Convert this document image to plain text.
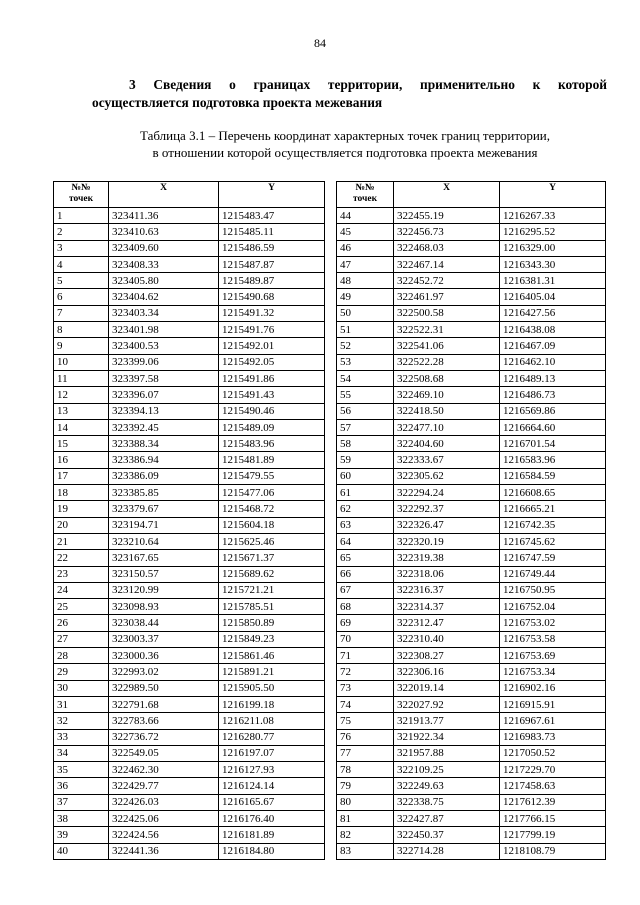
84
3 Сведения о границах территории, применительно к которой
осуществляется подготовка проекта межевания
Таблица 3.1 – Перечень координат характерных точек границ территории,
в отношении которой осуществляется подготовка проекта межевания
№№
точек	X	Y		№№
точек	X	Y
1	323411.36	1215483.47		44	322455.19	1216267.33
2	323410.63	1215485.11		45	322456.73	1216295.52
3	323409.60	1215486.59		46	322468.03	1216329.00
4	323408.33	1215487.87		47	322467.14	1216343.30
5	323405.80	1215489.87		48	322452.72	1216381.31
6	323404.62	1215490.68		49	322461.97	1216405.04
7	323403.34	1215491.32		50	322500.58	1216427.56
8	323401.98	1215491.76		51	322522.31	1216438.08
9	323400.53	1215492.01		52	322541.06	1216467.09
10	323399.06	1215492.05		53	322522.28	1216462.10
11	323397.58	1215491.86		54	322508.68	1216489.13
12	323396.07	1215491.43		55	322469.10	1216486.73
13	323394.13	1215490.46		56	322418.50	1216569.86
14	323392.45	1215489.09		57	322477.10	1216664.60
15	323388.34	1215483.96		58	322404.60	1216701.54
16	323386.94	1215481.89		59	322333.67	1216583.96
17	323386.09	1215479.55		60	322305.62	1216584.59
18	323385.85	1215477.06		61	322294.24	1216608.65
19	323379.67	1215468.72		62	322292.37	1216665.21
20	323194.71	1215604.18		63	322326.47	1216742.35
21	323210.64	1215625.46		64	322320.19	1216745.62
22	323167.65	1215671.37		65	322319.38	1216747.59
23	323150.57	1215689.62		66	322318.06	1216749.44
24	323120.99	1215721.21		67	322316.37	1216750.95
25	323098.93	1215785.51		68	322314.37	1216752.04
26	323038.44	1215850.89		69	322312.47	1216753.02
27	323003.37	1215849.23		70	322310.40	1216753.58
28	323000.36	1215861.46		71	322308.27	1216753.69
29	322993.02	1215891.21		72	322306.16	1216753.34
30	322989.50	1215905.50		73	322019.14	1216902.16
31	322791.68	1216199.18		74	322027.92	1216915.91
32	322783.66	1216211.08		75	321913.77	1216967.61
33	322736.72	1216280.77		76	321922.34	1216983.73
34	322549.05	1216197.07		77	321957.88	1217050.52
35	322462.30	1216127.93		78	322109.25	1217229.70
36	322429.77	1216124.14		79	322249.63	1217458.63
37	322426.03	1216165.67		80	322338.75	1217612.39
38	322425.06	1216176.40		81	322427.87	1217766.15
39	322424.56	1216181.89		82	322450.37	1217799.19
40	322441.36	1216184.80		83	322714.28	1218108.79
